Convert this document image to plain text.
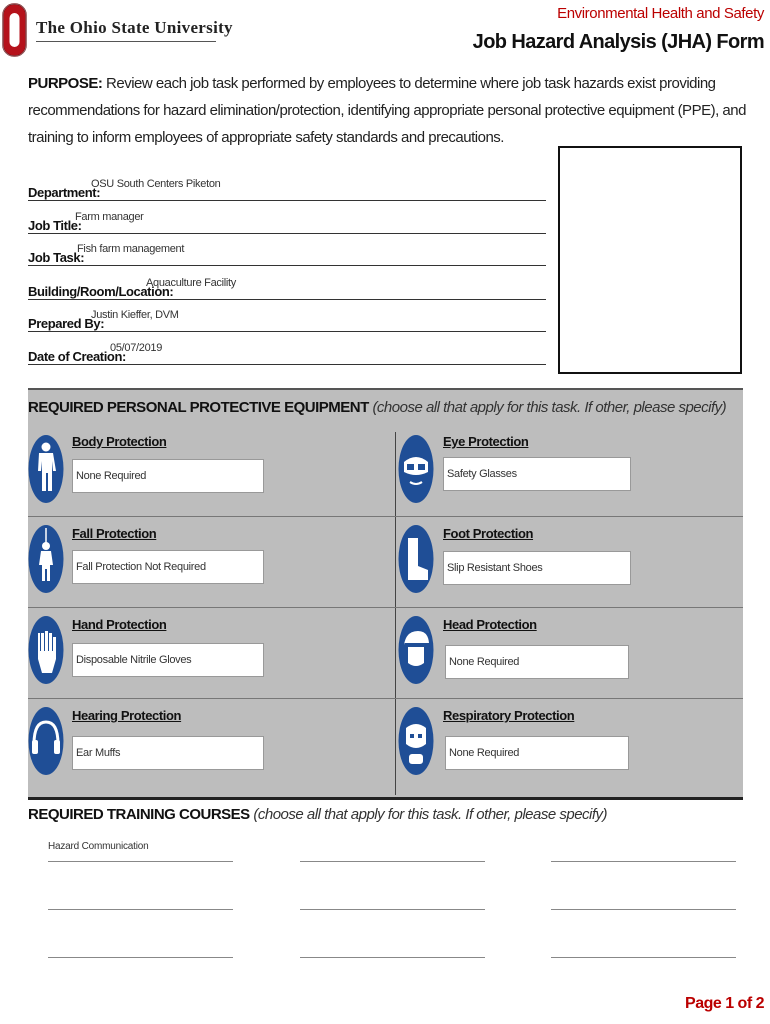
The Ohio State University
Environmental Health and Safety
Job Hazard Analysis (JHA) Form
PURPOSE: Review each job task performed by employees to determine where job task hazards exist providing recommendations for hazard elimination/protection, identifying appropriate personal protective equipment (PPE), and training to inform employees of appropriate safety standards and precautions.
Department:
OSU South Centers Piketon
Job Title:
Farm manager
Job Task:
Fish farm management
Building/Room/Location:
Aquaculture Facility
Prepared By:
Justin Kieffer, DVM
Date of Creation:
05/07/2019
REQUIRED PERSONAL PROTECTIVE EQUIPMENT (choose all that apply for this task. If other, please specify)
Body Protection
None Required
Eye Protection
Safety Glasses
Fall Protection
Fall Protection Not Required
Foot Protection
Slip Resistant Shoes
Hand Protection
Disposable Nitrile Gloves
Head Protection
None Required
Hearing Protection
Ear Muffs
Respiratory Protection
None Required
REQUIRED TRAINING COURSES (choose all that apply for this task. If other, please specify)
Hazard Communication
Page 1 of 2
